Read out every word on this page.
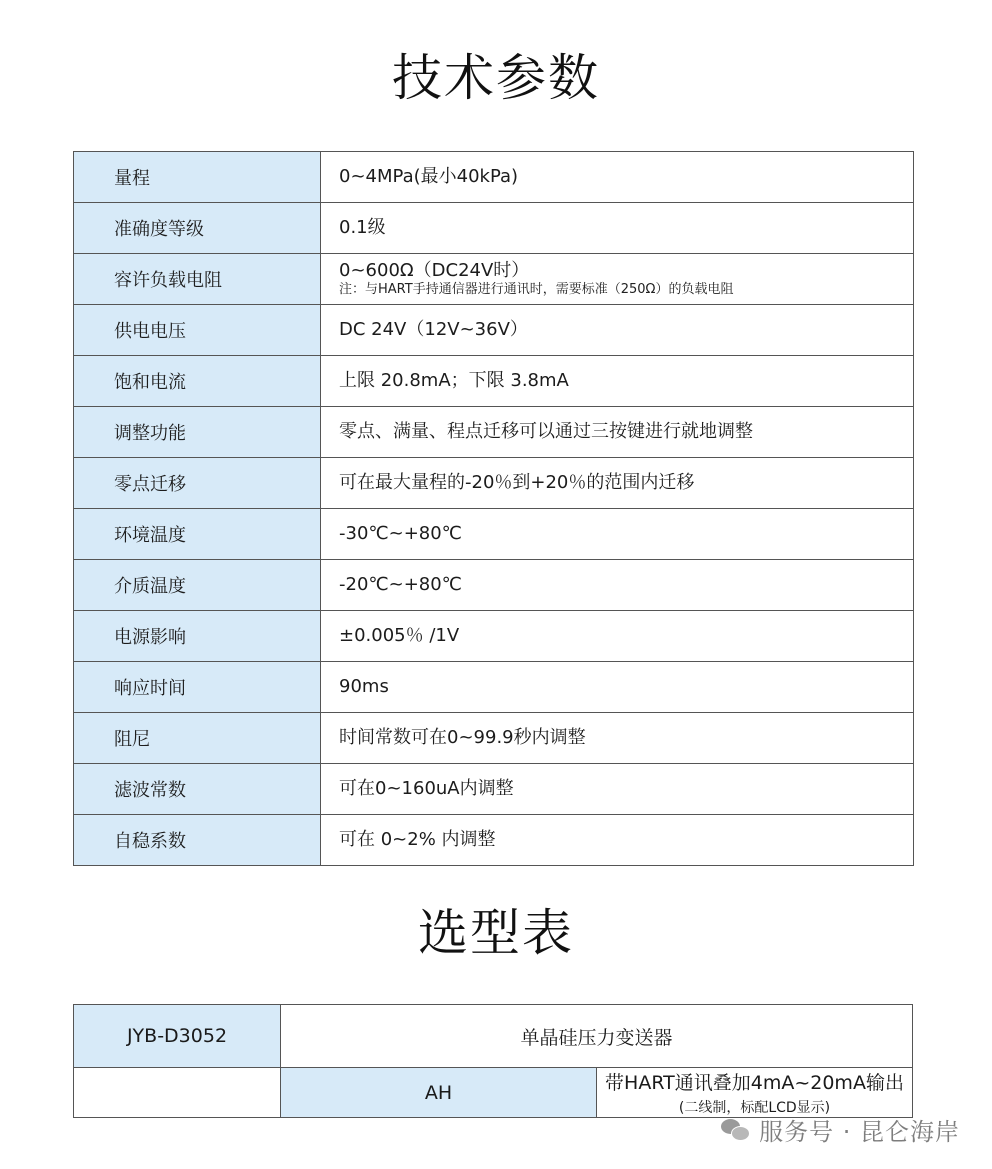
技术参数
量程	0~4MPa(最小40kPa)

准确度等级	0.1级

容许负载电阻	0~600Ω（DC24V时）
注：与HART手持通信器进行通讯时，需要标准（250Ω）的负载电阻

供电电压	DC 24V（12V~36V）

饱和电流	上限 20.8mA；下限 3.8mA

调整功能	零点、满量、程点迁移可以通过三按键进行就地调整

零点迁移	可在最大量程的-20％到+20％的范围内迁移

环境温度	-30℃~+80℃

介质温度	-20℃~+80℃

电源影响	±0.005％ /1V

响应时间	90ms

阻尼	时间常数可在0~99.9秒内调整

滤波常数	可在0~160uA内调整

自稳系数	可在 0~2% 内调整
选型表
JYB-D3052	单晶硅压力变送器	
	AH	带HART通讯叠加4mA~20mA输出(二线制，标配LCD显示)
服务号 · 昆仑海岸
